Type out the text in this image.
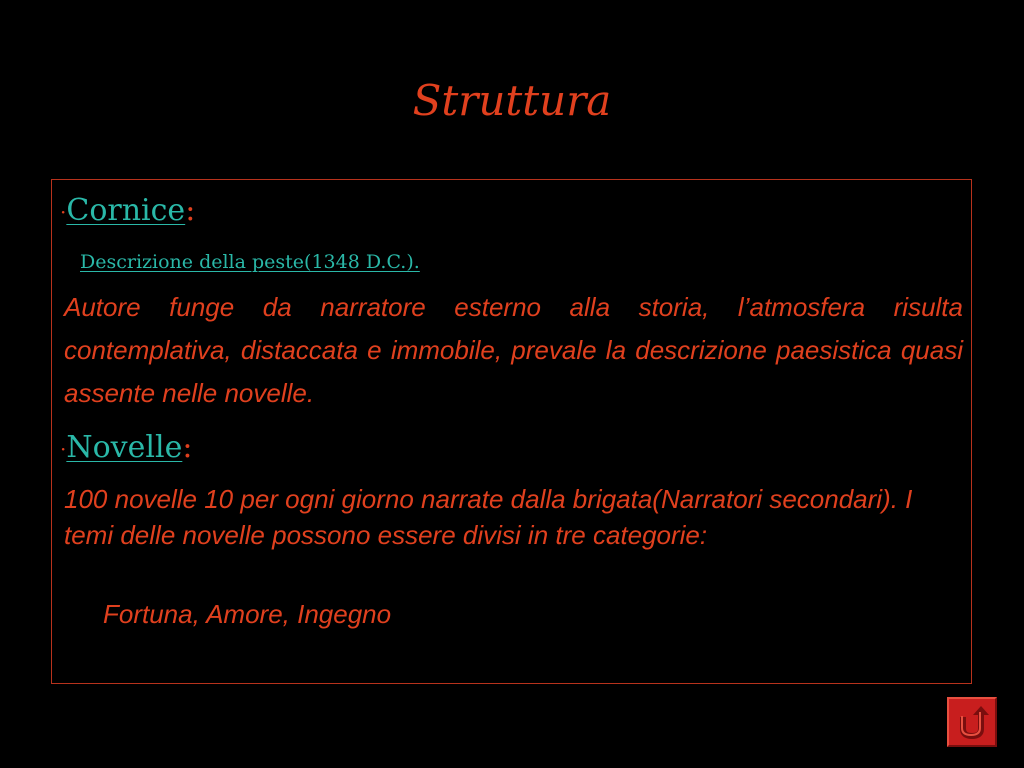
Struttura
·Cornice:
Descrizione della peste(1348 D.C.).

Autore funge da narratore esterno alla storia, l’atmosfera risulta contemplativa, distaccata e immobile, prevale la descrizione paesistica quasi assente nelle novelle.

·Novelle:

100 novelle 10 per ogni giorno narrate dalla brigata(Narratori secondari). I temi delle novelle possono essere divisi in tre categorie:

Fortuna, Amore, Ingegno
